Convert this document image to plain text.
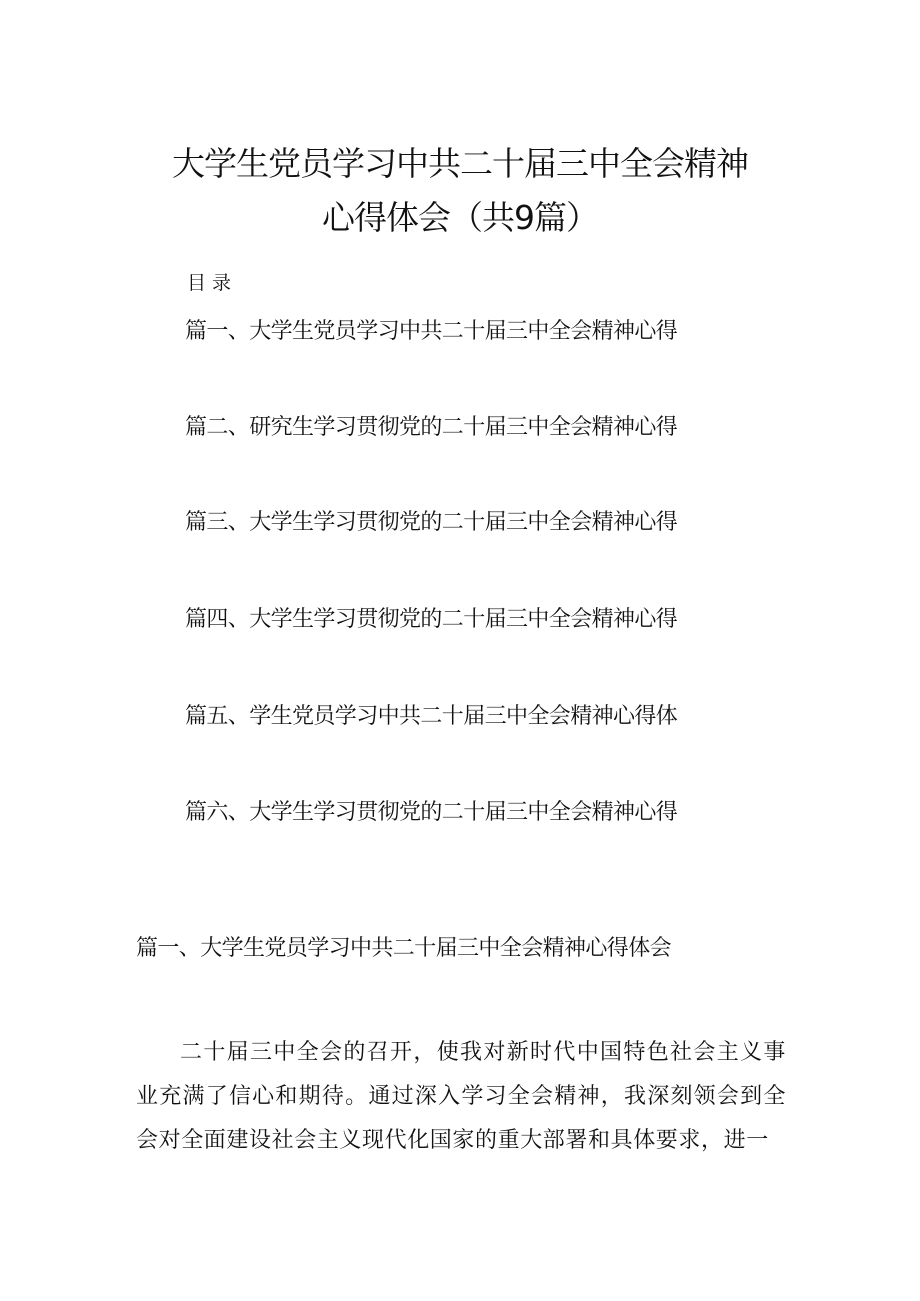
大学生党员学习中共二十届三中全会精神
心得体会（共9篇）
目录
篇一、大学生党员学习中共二十届三中全会精神心得
篇二、研究生学习贯彻党的二十届三中全会精神心得
篇三、大学生学习贯彻党的二十届三中全会精神心得
篇四、大学生学习贯彻党的二十届三中全会精神心得
篇五、学生党员学习中共二十届三中全会精神心得体
篇六、大学生学习贯彻党的二十届三中全会精神心得
篇一、大学生党员学习中共二十届三中全会精神心得体会

二十届三中全会的召开，使我对新时代中国特色社会主义事业充满了信心和期待。通过深入学习全会精神，我深刻领会到全会对全面建设社会主义现代化国家的重大部署和具体要求，进一
